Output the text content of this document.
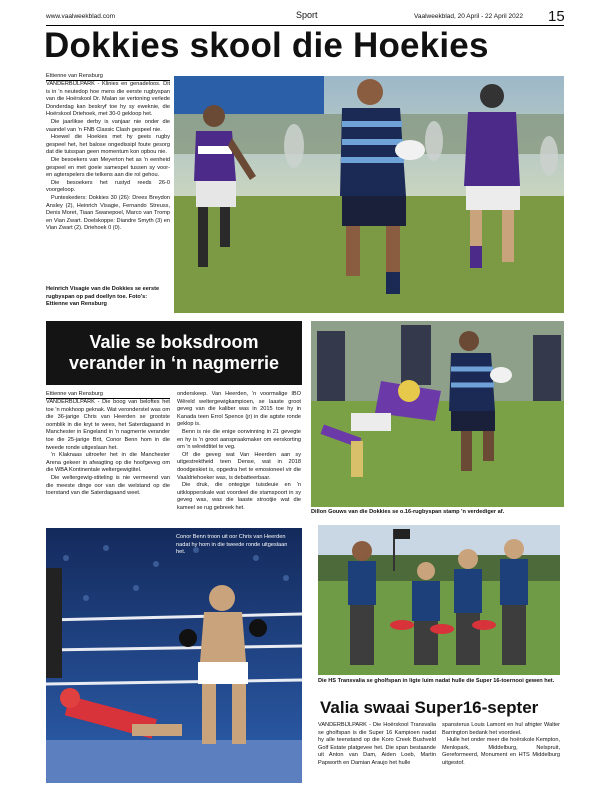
www.vaalweekblad.com	Sport	Vaalweekblad, 20 April - 22 April 2022 15
Dokkies skool die Hoekies
Ettienne van Rensburg

VANDERBIJLPARK - Klinies en genadeloos. Dit is in 'n neutedop hoe mens die eerste rugbyspan van die Hoërskool Dr. Malan se vertoning verlede Donderdag kan beskryf toe hy sy eweknie, die Hoërskool Driehoek, met 30-0 gekloop het.

Die jaarlikse derby is vanjaar nie onder die vaandel van 'n FNB Classic Clash gespeel nie.

Hoewel die Hoekies met hy geeis rugby gespeel het, het balose ongedissipl foute gesorg dat die tuisspan geen momentum kon opbou nie.

Die besoekers van Meyerton het as 'n eenheid gespeel en met goeie samespel tussen sy voor- en agterspelers die telkens aan die rol gehou.

Die besoekers het rustyd reeds 26-0 voorgeloop.

Punteskeders: Dokkies 30 (26): Drees Breydon Ansley (2), Heinrich Visagie, Fernando Streuss, Denis Moret, Tiaan Swanepoel, Marco van Tromp en Vian Zwart. Doelskoppe: Diandre Smyth (3) en Vian Zwart (2). Driehoek 0 (0).

Heinrich Visagie van die Dokkies se eerste rugbyspan op pad doellyn toe. Foto's: Ettienne van Rensburg
Valie se boksdroom
verander in ‘n nagmerrie
Ettienne van Rensburg

VANDERBIJLPARK - Die boog van beloftes het toe 'n mokhoop geknak. Wat veronderstel was om die 36-jarige Chris van Heerden se grootste oomblik in die kryt te wees, het Saterdagaand in Manchester in Engeland in 'n nagmerrie verander toe die 25-jarige Brit, Conor Benn hom in die tweede ronde uitgeslaan het.

'n Klaknaas uitroefer het in die Manchester Arena gekeer in afwagting op die hoofgeveg om die WBA Kontinentale weltergewigtitel.

Die weltergewig-stiteling is nie vermeend van die meeste dinge oor van die welstand op die toerstand van die Saterdagaand weet.

onderskeep. Van Heerden, 'n voormalige IBO Wêreld weltergewigkampioen, se laaste groot geveg van die kaliber was in 2015 toe hy in Kanada teen Errol Spence (jr) in die agtste ronde geklop is.

Benn is nie die enige oorwinning in 21 gevegte en hy is 'n groot aanspraakmaker om eerskorting om 'n wêreldtitel te veg.

Of die geveg wat Van Heerden aan sy uitgestrektheid teen Dense, wat in 2018 doodgeskiet is, opgedra het te emosioneel vir die Vaaldriehoeker was, is debatteerbaar.

Die druk, die ontegige tuisdeuie en 'n uitklopperskale wat voordeel die stamspoort in sy geveg was, was die laaste strootjie wat die kameel se rug gebreek het.

Dillon Gouws van die Dokkies se o.16-rugbyspan stamp 'n verdediger af.
Conor Benn troon uit oor Chris van Heerden nadat hy hom in die tweede ronde uitgeslaan het.
Die HS Transvalia se gholfspan in ligte luim nadat hulle die Super 16-toernooi gewen het.
Valia swaai Super16-septer

VANDERBIJLPARK - Die Hoërskool Transvalia se gholfspan is die Super 16 Kampioen nadat hy alle teenstand op die Koro Creek Bushveld Golf Estate platgevee het. Die span bestaande uit Anton van Dam, Aiden Loeb, Martin Papworth en Damian Araujo het hulle

spansterus Louis Lamont en hul afrigter Walter Barrington bedank het voordeel.

Hulle het onder meer die hoërskole Kempton, Menlopark, Middelburg, Nelspruit, Gereformeerd, Monument en HTS Middelburg uitgestof.
